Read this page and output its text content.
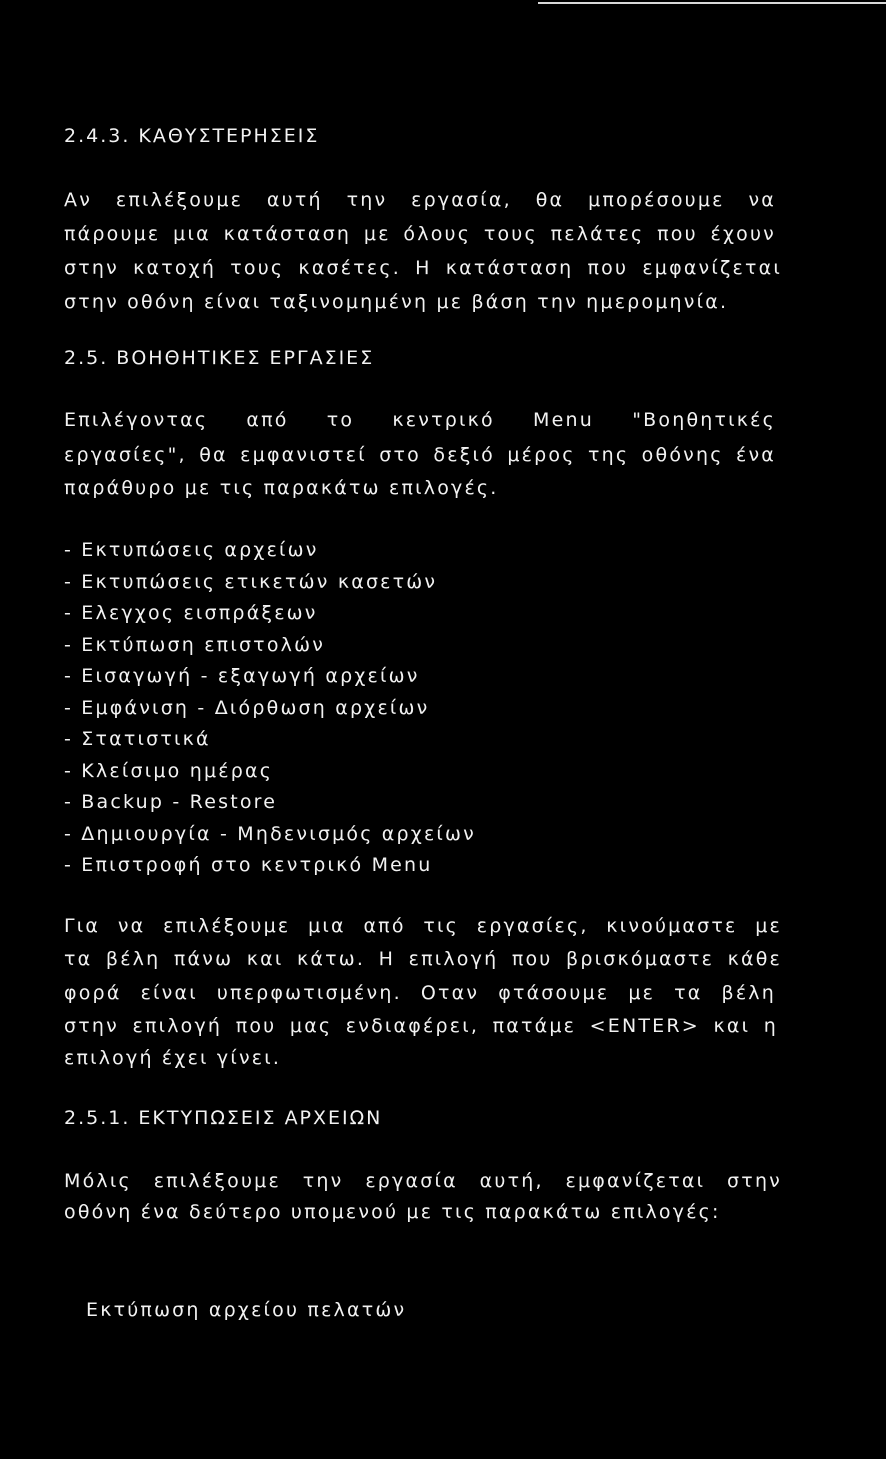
2.4.3. ΚΑΘΥΣΤΕΡΗΣΕΙΣ
Αν επιλέξουμε αυτή την εργασία, θα μπορέσουμε να
πάρουμε μια κατάσταση με όλους τους πελάτες που έχουν
στην κατοχή τους κασέτες. Η κατάσταση που εμφανίζεται
στην οθόνη είναι ταξινομημένη με βάση την ημερομηνία.
2.5. ΒΟΗΘΗΤΙΚΕΣ ΕΡΓΑΣΙΕΣ
Επιλέγοντας από το κεντρικό Menu "Βοηθητικές
εργασίες", θα εμφανιστεί στο δεξιό μέρος της οθόνης ένα
παράθυρο με τις παρακάτω επιλογές.
- Εκτυπώσεις αρχείων
- Εκτυπώσεις ετικετών κασετών
- Ελεγχος εισπράξεων
- Εκτύπωση επιστολών
- Εισαγωγή - εξαγωγή αρχείων
- Εμφάνιση - Διόρθωση αρχείων
- Στατιστικά
- Κλείσιμο ημέρας
- Backup - Restore
- Δημιουργία - Μηδενισμός αρχείων
- Επιστροφή στο κεντρικό Menu
Για να επιλέξουμε μια από τις εργασίες, κινούμαστε με
τα βέλη πάνω και κάτω. Η επιλογή που βρισκόμαστε κάθε
φορά είναι υπερφωτισμένη. Οταν φτάσουμε με τα βέλη
στην επιλογή που μας ενδιαφέρει, πατάμε <ENTER> και η
επιλογή έχει γίνει.
2.5.1. ΕΚΤΥΠΩΣΕΙΣ ΑΡΧΕΙΩΝ
Μόλις επιλέξουμε την εργασία αυτή, εμφανίζεται στην
οθόνη ένα δεύτερο υπομενού με τις παρακάτω επιλογές:
Εκτύπωση αρχείου πελατών
